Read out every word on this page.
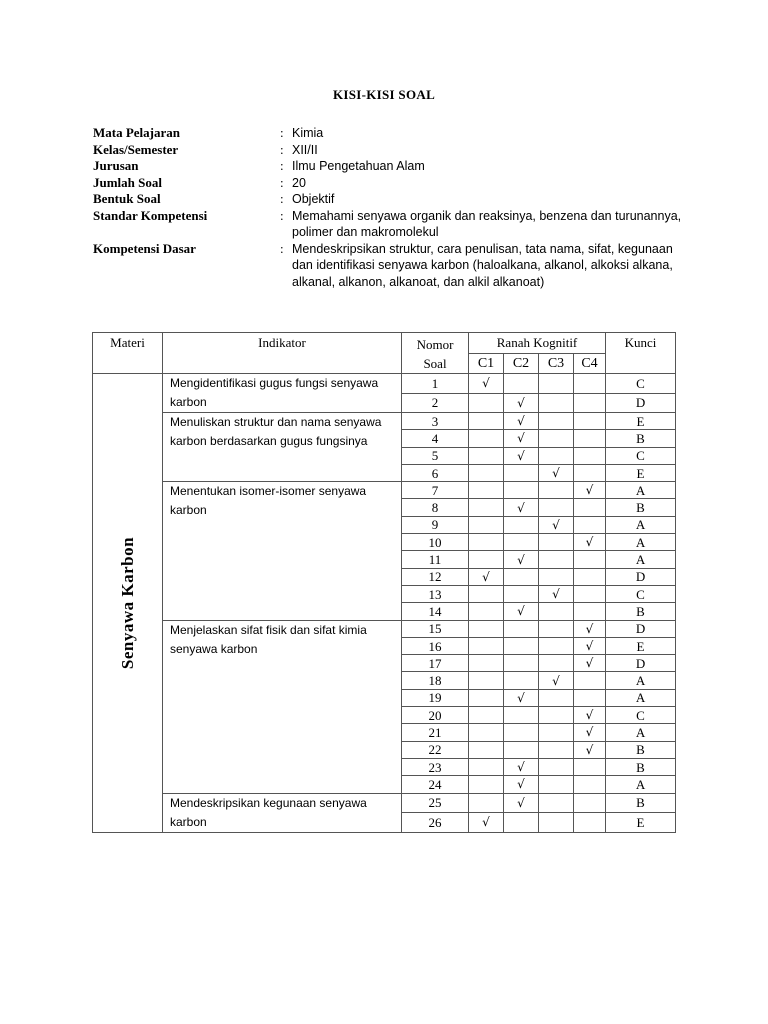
KISI-KISI SOAL
Mata Pelajaran	: Kimia
Kelas/Semester	: XII/II
Jurusan	: Ilmu Pengetahuan Alam
Jumlah Soal	: 20
Bentuk Soal	: Objektif
Standar Kompetensi	: Memahami senyawa organik dan reaksinya, benzena dan turunannya, polimer dan makromolekul
Kompetensi Dasar	: Mendeskripsikan struktur, cara penulisan, tata nama, sifat, kegunaan dan identifikasi senyawa karbon (haloalkana, alkanol, alkoksi alkana, alkanal, alkanon, alkanoat, dan alkil alkanoat)
Materi	Indikator	Nomor
Soal	Ranah Kognitif				Kunci
			C1	C2	C3	C4	

Senyawa Karbon	Mengidentifikasi gugus fungsi senyawa karbon	1	√				C
		2		√			D
	Menuliskan struktur dan nama senyawa karbon berdasarkan gugus fungsinya	3		√			E
		4		√			B
		5		√			C
		6			√		E
	Menentukan isomer-isomer senyawa karbon	7				√	A
		8		√			B
		9			√		A
		10				√	A
		11		√			A
		12	√				D
		13			√		C
		14		√			B
	Menjelaskan sifat fisik dan sifat kimia senyawa karbon	15				√	D
		16				√	E
		17				√	D
		18			√		A
		19		√			A
		20				√	C
		21				√	A
		22				√	B
		23		√			B
		24		√			A
	Mendeskripsikan kegunaan senyawa karbon	25		√			B
		26	√				E
